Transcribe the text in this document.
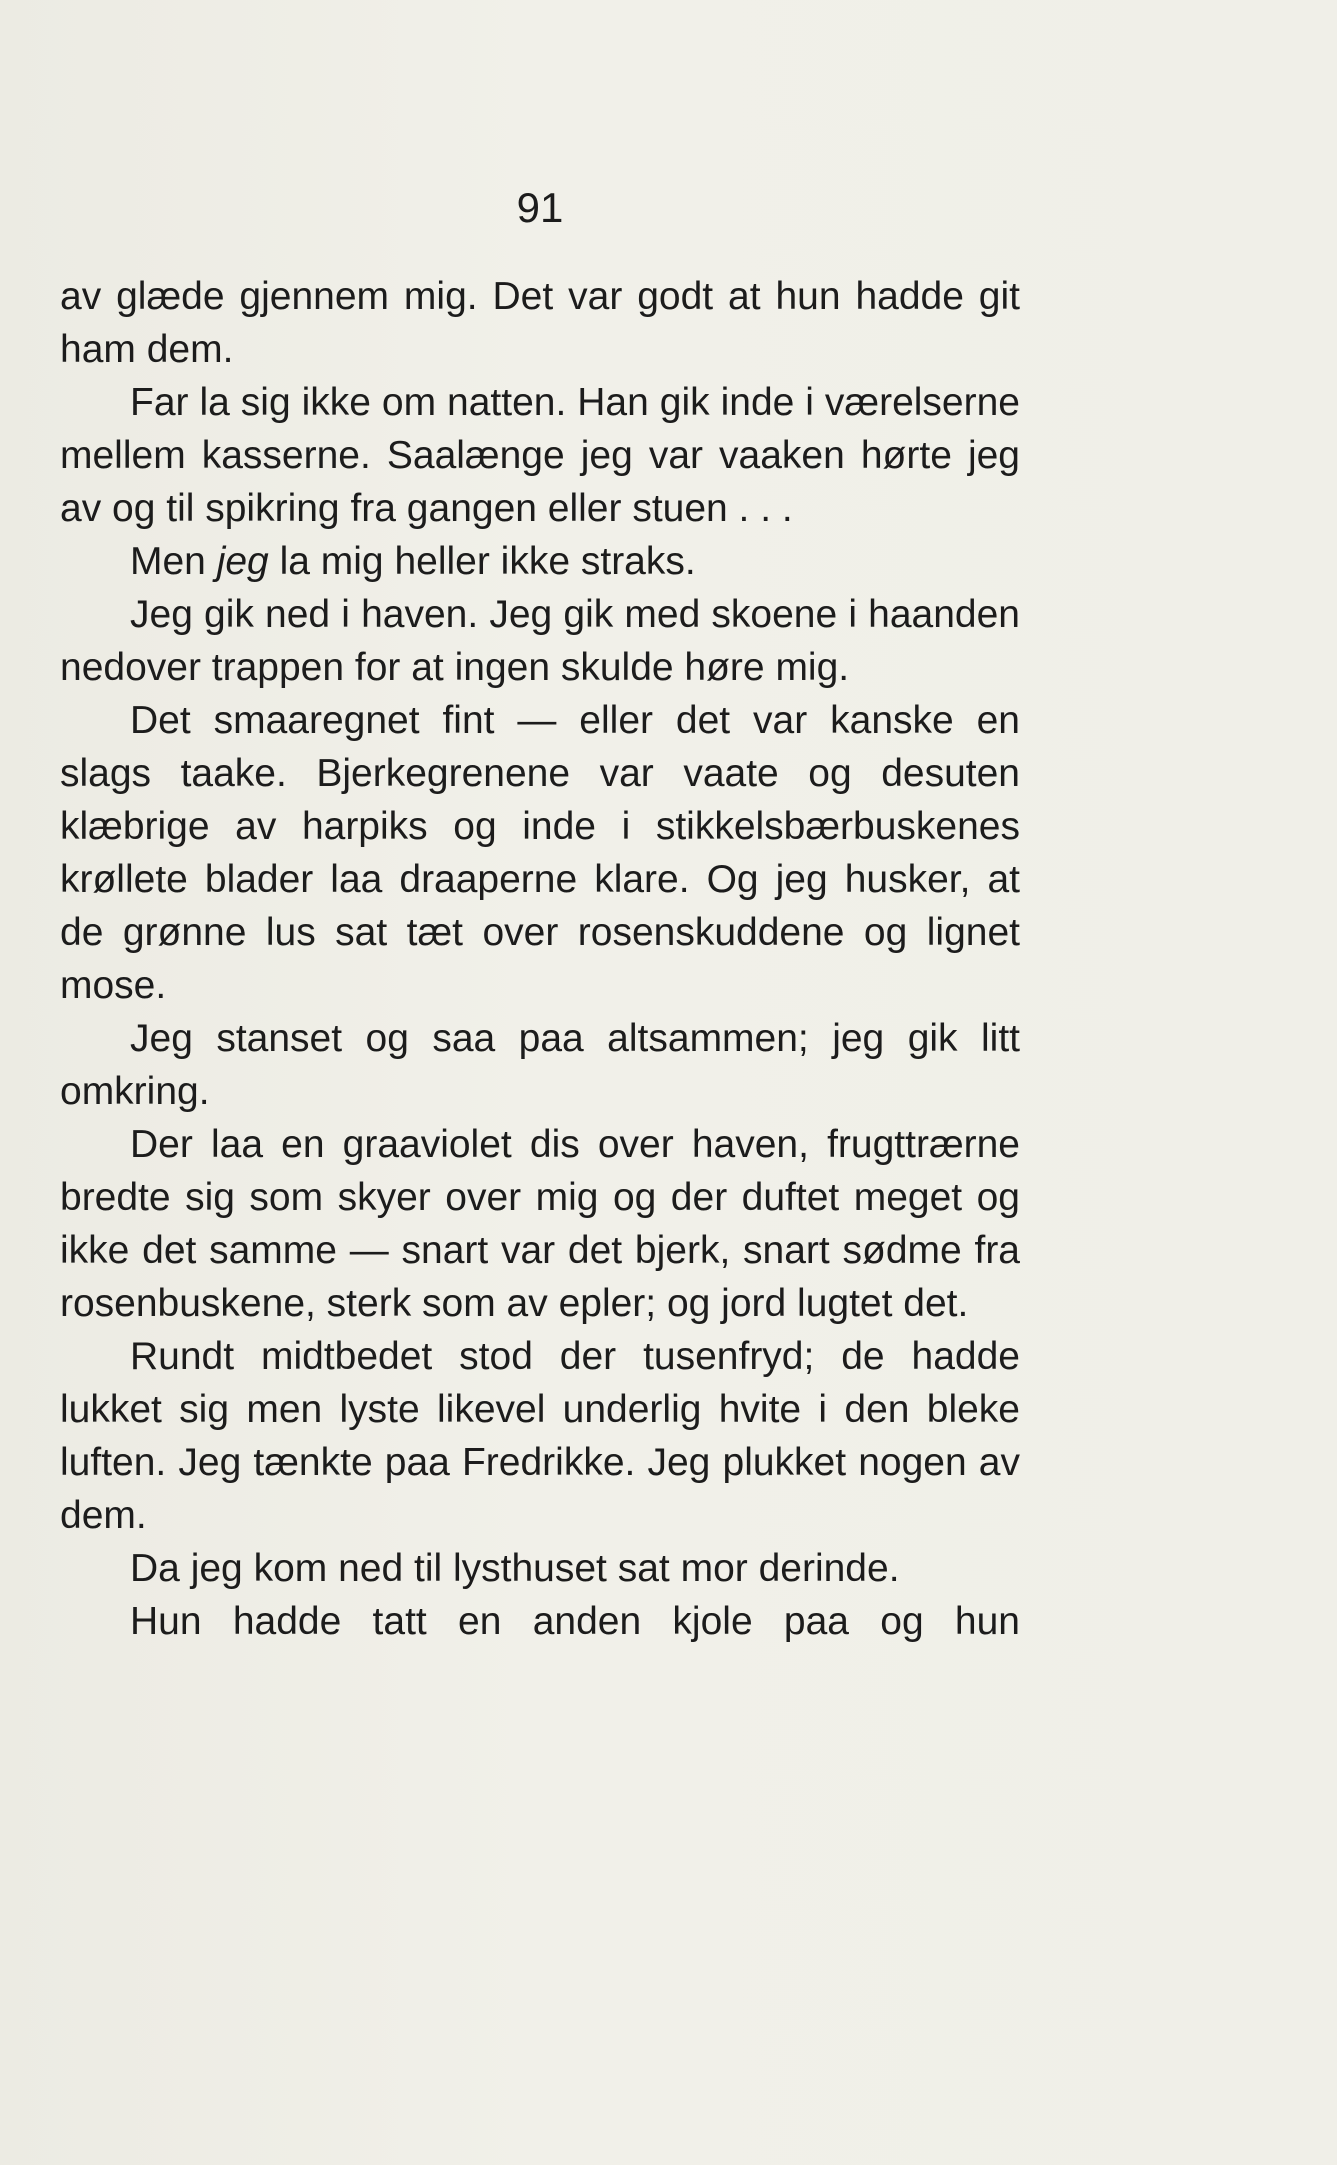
91

av glæde gjennem mig. Det var godt at hun hadde git ham dem.

Far la sig ikke om natten. Han gik inde i værelserne mellem kasserne. Saalænge jeg var vaaken hørte jeg av og til spikring fra gangen eller stuen . . .

Men jeg la mig heller ikke straks.

Jeg gik ned i haven. Jeg gik med skoene i haanden nedover trappen for at ingen skulde høre mig.

Det smaaregnet fint — eller det var kanske en slags taake. Bjerkegrenene var vaate og desuten klæbrige av harpiks og inde i stikkelsbærbuskenes krøllete blader laa draaperne klare. Og jeg husker, at de grønne lus sat tæt over rosenskuddene og lignet mose.

Jeg stanset og saa paa altsammen; jeg gik litt omkring.

Der laa en graaviolet dis over haven, frugttrærne bredte sig som skyer over mig og der duftet meget og ikke det samme — snart var det bjerk, snart sødme fra rosenbuskene, sterk som av epler; og jord lugtet det.

Rundt midtbedet stod der tusenfryd; de hadde lukket sig men lyste likevel underlig hvite i den bleke luften. Jeg tænkte paa Fredrikke. Jeg plukket nogen av dem.

Da jeg kom ned til lysthuset sat mor derinde.

Hun hadde tatt en anden kjole paa og hun
